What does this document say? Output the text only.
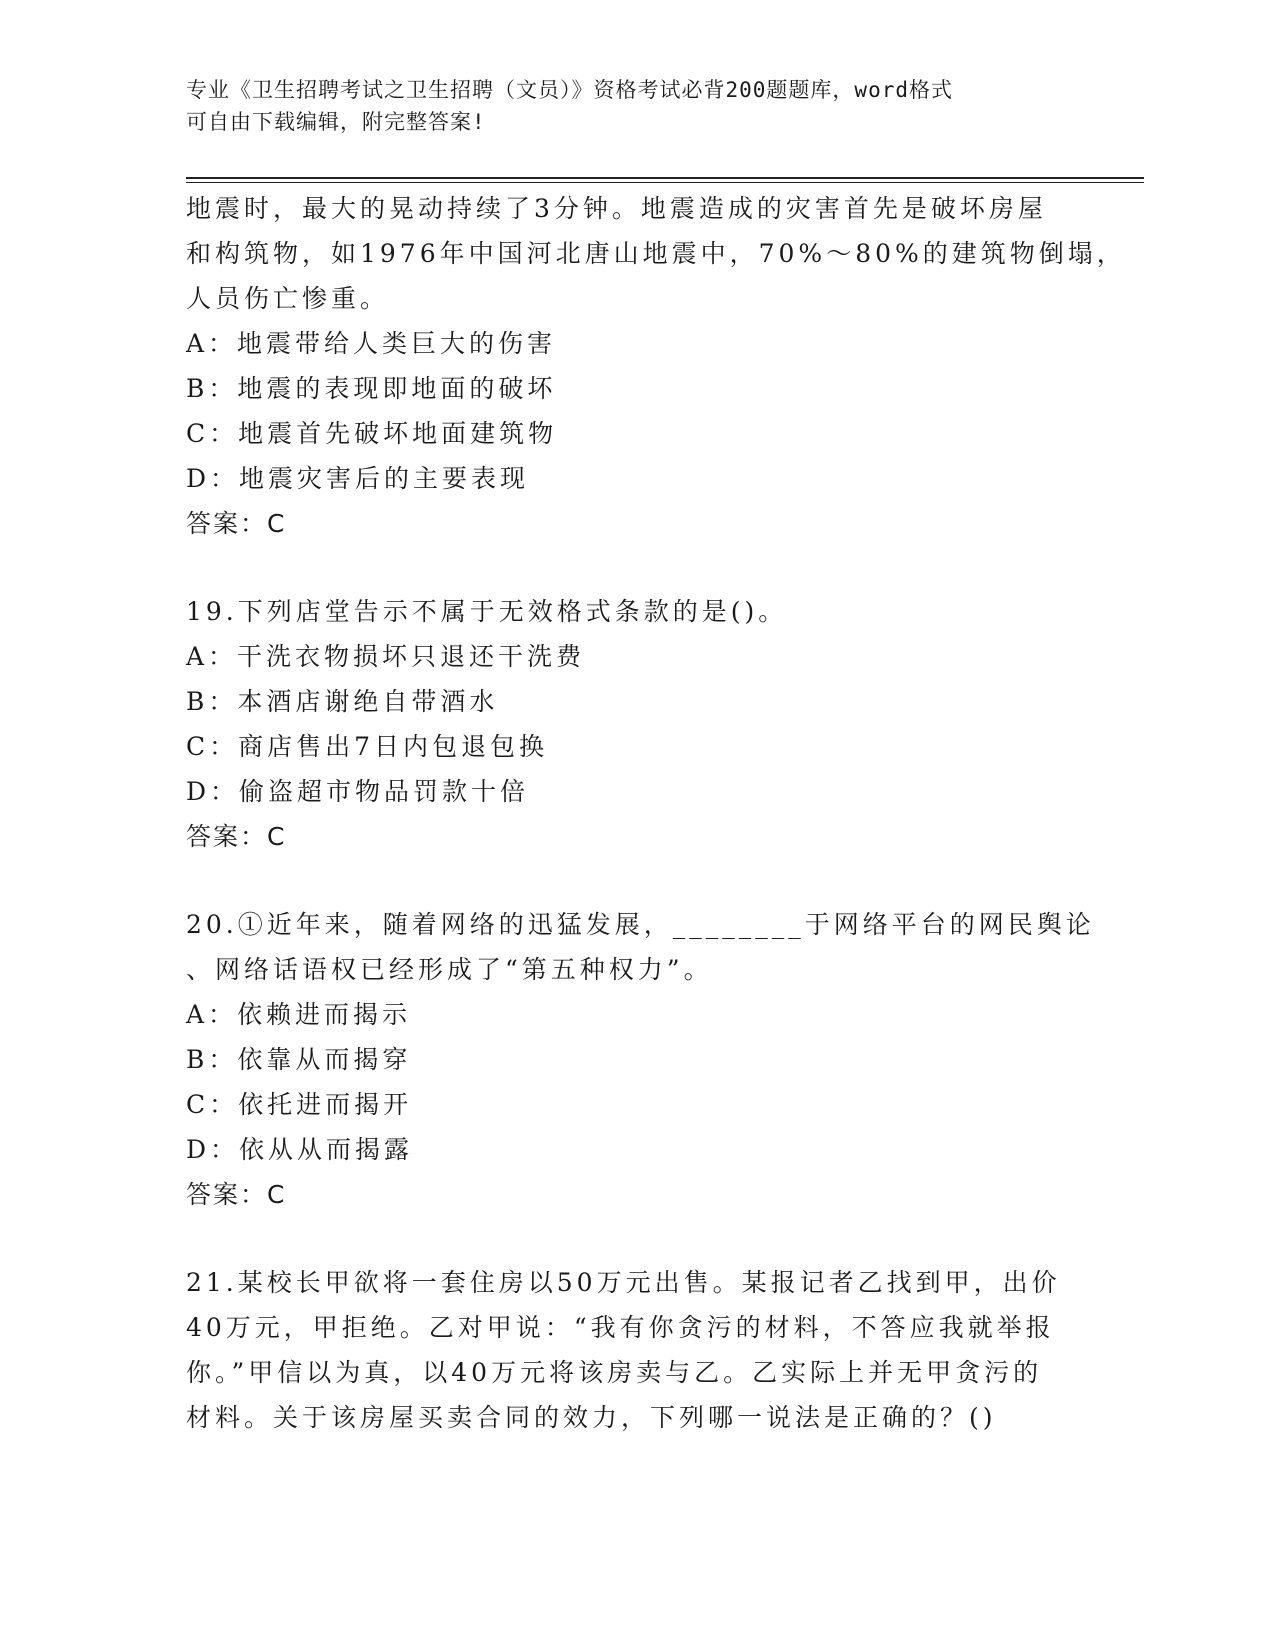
专业《卫生招聘考试之卫生招聘（文员）》资格考试必背200题题库，word格式
可自由下载编辑，附完整答案!
地震时，最大的晃动持续了3分钟。地震造成的灾害首先是破坏房屋
和构筑物，如1976年中国河北唐山地震中，70%～80%的建筑物倒塌，
人员伤亡惨重。
A：地震带给人类巨大的伤害
B：地震的表现即地面的破坏
C：地震首先破坏地面建筑物
D：地震灾害后的主要表现
答案：C
19.下列店堂告示不属于无效格式条款的是()。
A：干洗衣物损坏只退还干洗费
B：本酒店谢绝自带酒水
C：商店售出7日内包退包换
D：偷盗超市物品罚款十倍
答案：C
20.①近年来，随着网络的迅猛发展，________于网络平台的网民舆论
、网络话语权已经形成了“第五种权力”。
A：依赖进而揭示
B：依靠从而揭穿
C：依托进而揭开
D：依从从而揭露
答案：C
21.某校长甲欲将一套住房以50万元出售。某报记者乙找到甲，出价
40万元，甲拒绝。乙对甲说：“我有你贪污的材料，不答应我就举报
你。”甲信以为真，以40万元将该房卖与乙。乙实际上并无甲贪污的
材料。关于该房屋买卖合同的效力，下列哪一说法是正确的？()
